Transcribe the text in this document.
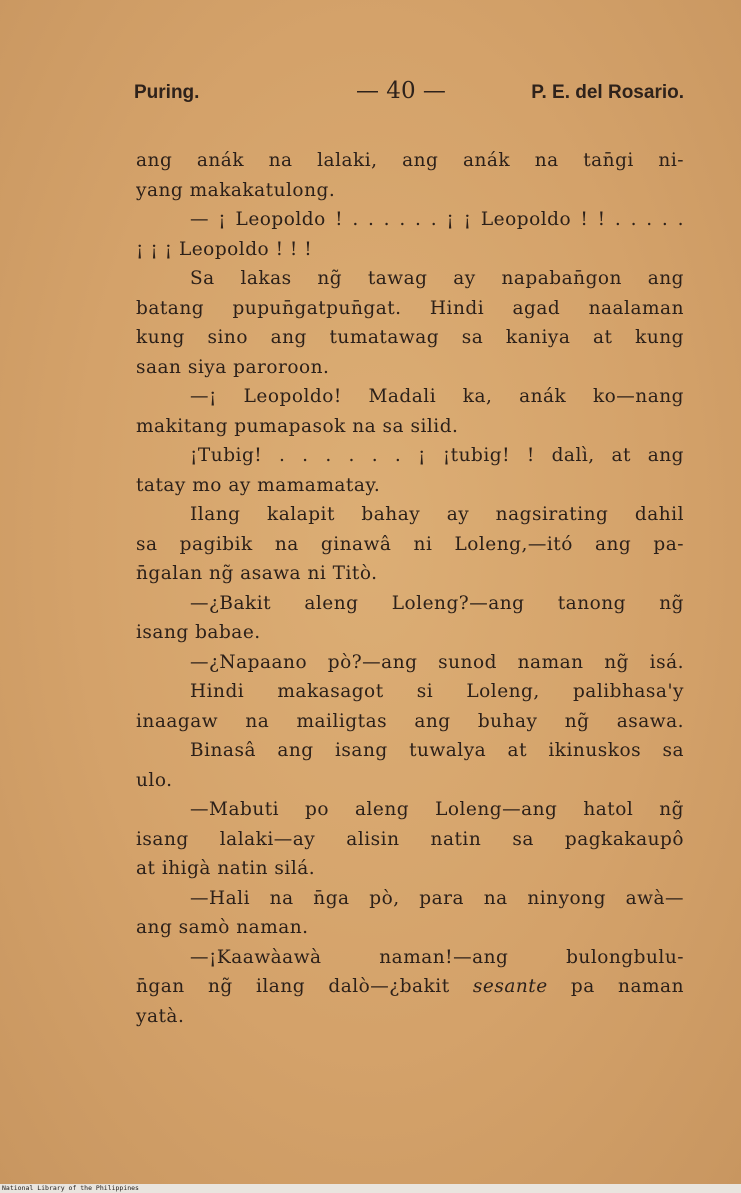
Puring.	— 40 —	P. E. del Rosario.
ang anák na lalaki, ang anák na tan̄gi ni-
yang makakatulong.
— ¡ Leopoldo ! . . . . . . ¡ ¡ Leopoldo ! ! . . . . .
¡ ¡ ¡ Leopoldo ! ! !
Sa lakas ng̃ tawag ay napaban̄gon ang
batang pupun̄gatpun̄gat. Hindi agad naalaman
kung sino ang tumatawag sa kaniya at kung
saan siya paroroon.
—¡ Leopoldo! Madali ka, anák ko—nang
makitang pumapasok na sa silid.
¡Tubig! . . . . . . ¡ ¡tubig! ! dalì, at ang
tatay mo ay mamamatay.
Ilang kalapit bahay ay nagsirating dahil
sa pagibik na ginawâ ni Loleng,—itó ang pa-
n̄galan ng̃ asawa ni Titò.
—¿Bakit aleng Loleng?—ang tanong ng̃
isang babae.
—¿Napaano pò?—ang sunod naman ng̃ isá.
Hindi makasagot si Loleng, palibhasa'y
inaagaw na mailigtas ang buhay ng̃ asawa.
Binasâ ang isang tuwalya at ikinuskos sa
ulo.
—Mabuti po aleng Loleng—ang hatol ng̃
isang lalaki—ay alisin natin sa pagkakaupô
at ihigà natin silá.
—Hali na n̄ga pò, para na ninyong awà—
ang samò naman.
—¡Kaawàawà naman!—ang bulongbulu-
n̄gan ng̃ ilang dalò—¿bakit sesante pa naman
yatà.
National Library of the Philippines
